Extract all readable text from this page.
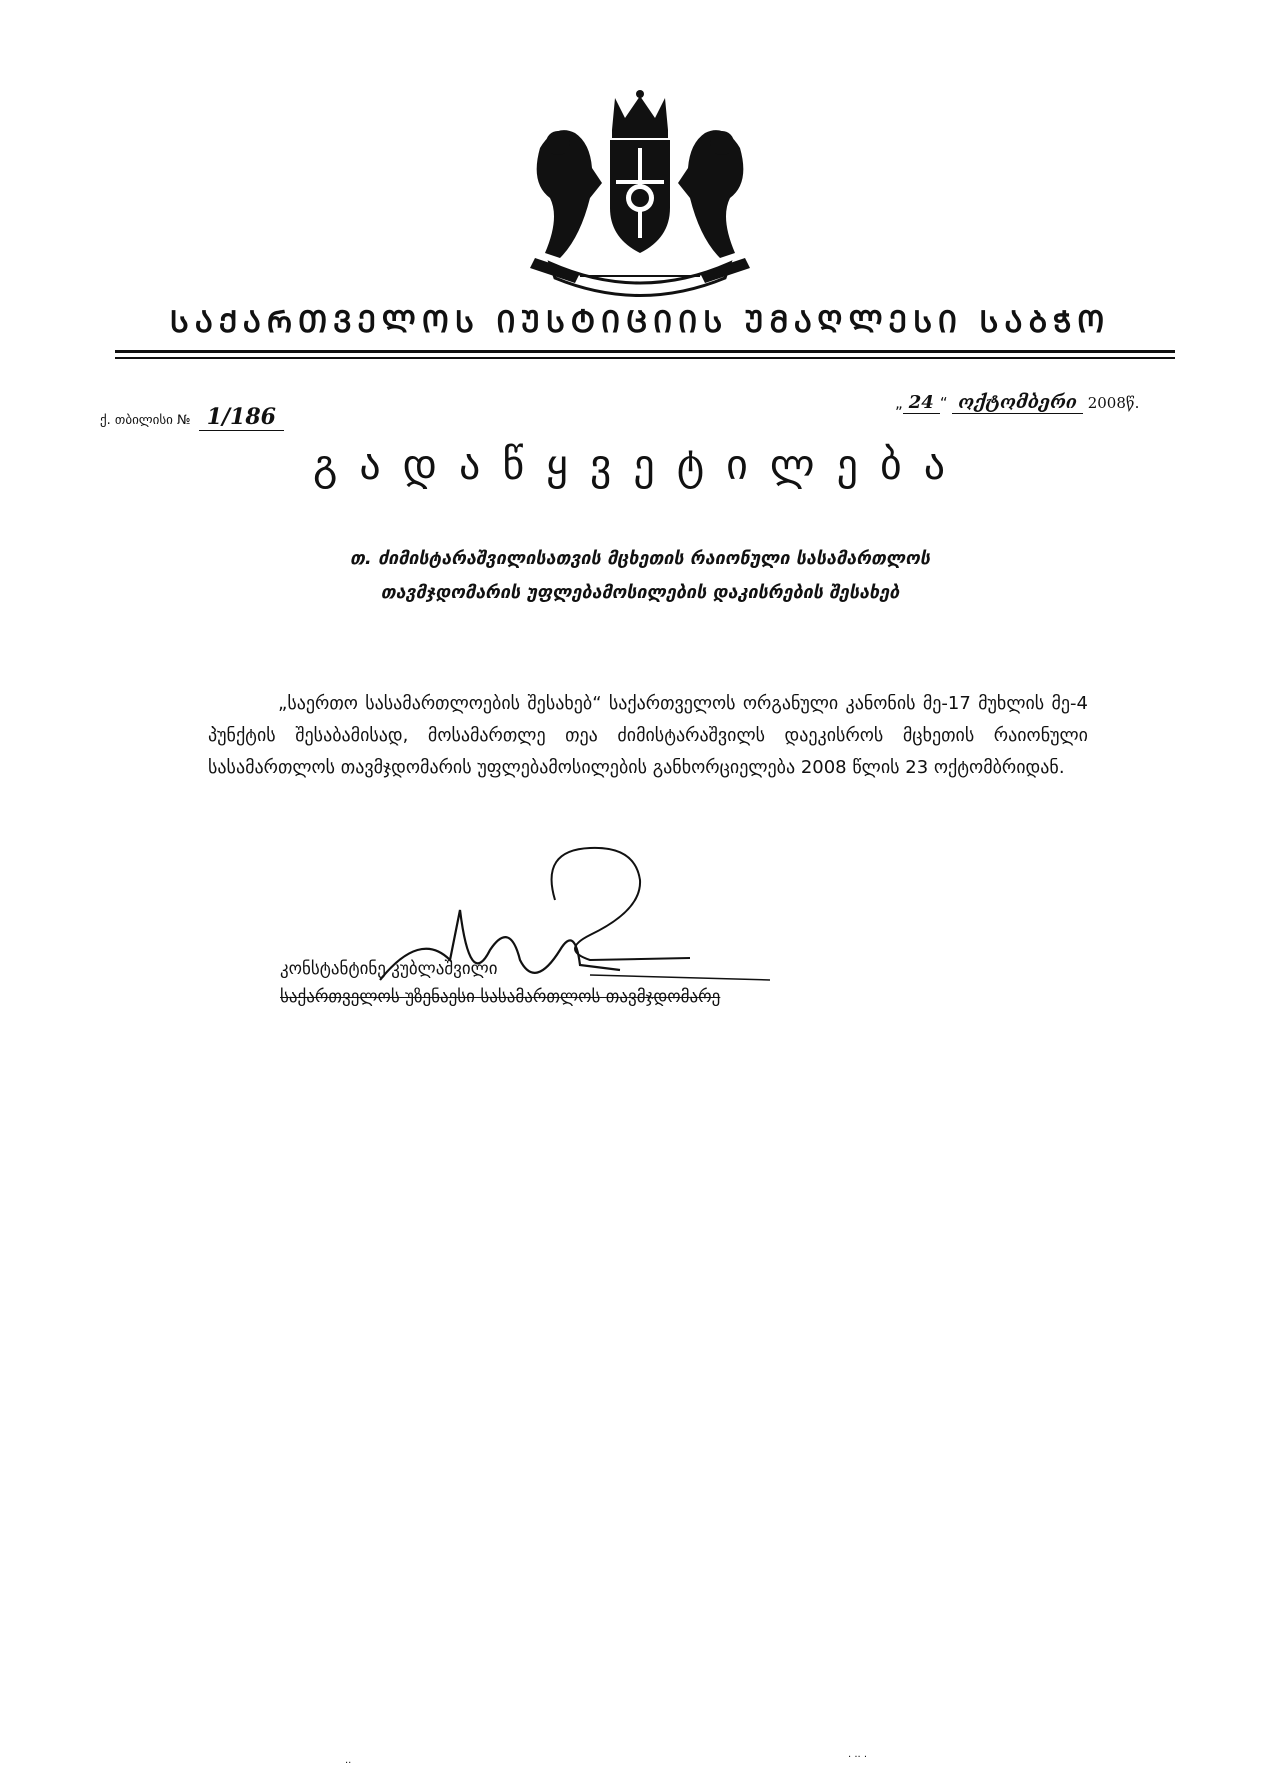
ᲡᲐᲥᲐᲠᲗᲕᲔᲚᲝᲡ ᲘᲣᲡᲢᲘᲪᲘᲘᲡ ᲣᲛᲐᲦᲚᲔᲡᲘ ᲡᲐᲑᲭᲝ
ქ. თბილისი № 1/186
„ 24 “ ოქტომბერი 2008წ.
გადაწყვეტილება
თ. ძიმისტარაშვილისათვის მცხეთის რაიონული სასამართლოს
თავმჯდომარის უფლებამოსილების დაკისრების შესახებ
„საერთო სასამართლოების შესახებ“ საქართველოს ორგანული კანონის მე-17 მუხლის მე-4 პუნქტის შესაბამისად, მოსამართლე თეა ძიმისტარაშვილს დაეკისროს მცხეთის რაიონული სასამართლოს თავმჯდომარის უფლებამოსილების განხორციელება 2008 წლის 23 ოქტომბრიდან.
კონსტანტინე კუბლაშვილი
საქართველოს უზენაესი სასამართლოს თავმჯდომარე
··
· ·· ·
